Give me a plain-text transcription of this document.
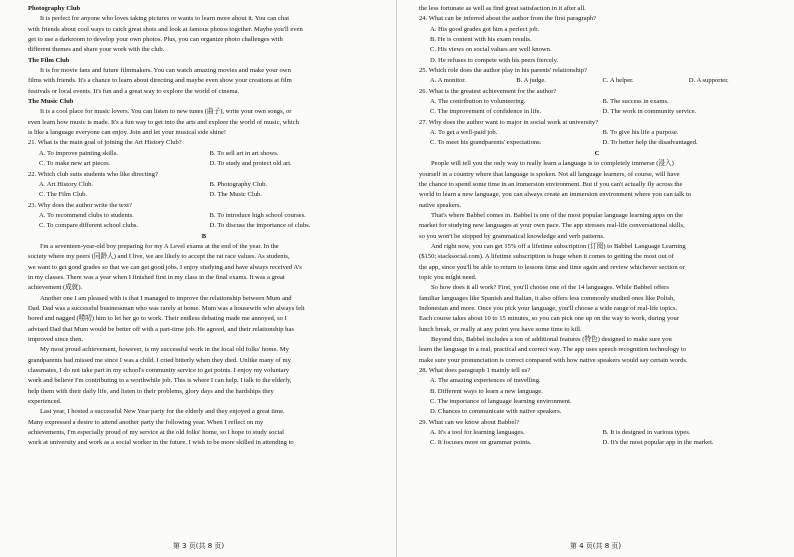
Photography Club
It is perfect for anyone who loves taking pictures or wants to learn more about it. You can chat
with friends about cool ways to catch great shots and look at famous photos together. Maybe you'll even
get to use a darkroom to develop your own photos. Plus, you can organize photo challenges with
different themes and share your work with the club.
The Film Club
It is for movie fans and future filmmakers. You can watch amazing movies and make your own
films with friends. It's a chance to learn about directing and maybe even show your creations at film
festivals or local events. It's fun and a great way to explore the world of cinema.
The Music Club
It is a cool place for music lovers. You can listen to new tunes (曲子), write your own songs, or
even learn how music is made. It's a fun way to get into the arts and explore the world of music, which
is like a language everyone can enjoy. Join and let your musical side shine!
21. What is the main goal of joining the Art History Club?
A. To improve painting skills.	B. To sell art in art shows.
C. To make new art pieces.	D. To study and protect old art.
22. Which club suits students who like directing?
A. Art History Club.	B. Photography Club.
C. The Film Club.	D. The Music Club.
23. Why does the author write the text?
A. To recommend clubs to students.	B. To introduce high school courses.
C. To compare different school clubs.	D. To discuss the importance of clubs.
B
I'm a seventeen-year-old boy preparing for my A Level exams at the end of the year. In the
society where my peers (同龄人) and I live, we are likely to accept the rat race values. As students,
we want to get good grades so that we can get good jobs. I enjoy studying and have always received A's
in my classes. There was a year when I finished first in my class in the final exams. It was a great
achievement (成就).
Another one I am pleased with is that I managed to improve the relationship between Mum and
Dad. Dad was a successful businessman who was rarely at home. Mum was a housewife who always felt
bored and nagged (唠叨) him to let her go to work. Their endless debating made me annoyed, so I
advised Dad that Mum would be better off with a part-time job. He agreed, and their relationship has
improved since then.
My most proud achievement, however, is my successful work in the local old folks' home. My
grandparents had missed me since I was a child. I cried bitterly when they died. Unlike many of my
classmates, I do not take part in my school's community service to get points. I enjoy my voluntary
work and believe I'm contributing to a worthwhile job. This is where I can help. I talk to the elderly,
help them with their daily life, and listen to their problems, glory days and the hardships they
experienced.
Last year, I hosted a successful New Year party for the elderly and they enjoyed a great time.
Many expressed a desire to attend another party the following year. When I reflect on my
achievements, I'm especially proud of my service at the old folks' home, so I hope to study social
work at university and work as a social worker in the future. I wish to be more skilled in attending to
第 3 页(共 8 页)
the less fortunate as well as find great satisfaction in it after all.
24. What can be inferred about the author from the first paragraph?
A. His good grades got him a perfect job.
B. He is content with his exam results.
C. His views on social values are well known.
D. He refuses to compete with his peers fiercely.
25. Which role does the author play in his parents' relationship?
A. A monitor.	B. A judge.	C. A helper.	D. A supporter.
26. What is the greatest achievement for the author?
A. The contribution to volunteering.	B. The success in exams.
C. The improvement of confidence in life.	D. The work in community service.
27. Why does the author want to major in social work at university?
A. To get a well-paid job.	B. To give his life a purpose.
C. To meet his grandparents' expectations.	D. To better help the disadvantaged.
C
People will tell you the only way to really learn a language is to completely immerse (浸入)
yourself in a country where that language is spoken. Not all language learners, of course, will have
the chance to spend some time in an immersion environment. But if you can't actually fly across the
world to learn a new language, you can always create an immersion environment where you can talk to
native speakers.
That's where Babbel comes in. Babbel is one of the most popular language learning apps on the
market for studying new languages at your own pace. The app stresses real-life conversational skills,
so you won't be stopped by grammatical knowledge and verb patterns.
And right now, you can get 15% off a lifetime subscription (订阅) to Babbel Language Learning
($150; stacksocial.com). A lifetime subscription is huge when it comes to getting the most out of
the app, since you'll be able to return to lessons time and time again and review whichever section or
topic you might need.
So how does it all work? First, you'll choose one of the 14 languages. While Babbel offers
familiar languages like Spanish and Italian, it also offers less commonly studied ones like Polish,
Indonesian and more. Once you pick your language, you'll choose a wide range of real-life topics.
Each course takes about 10 to 15 minutes, so you can pick one up on the way to work, during your
lunch break, or really at any point you have some time to kill.
Beyond this, Babbel includes a ton of additional features (特色) designed to make sure you
learn the language in a real, practical and correct way. The app uses speech recognition technology to
make sure your pronunciation is correct compared with how native speakers would say certain words.
28. What does paragraph 1 mainly tell us?
A. The amazing experiences of travelling.
B. Different ways to learn a new language.
C. The importance of language learning environment.
D. Chances to communicate with native speakers.
29. What can we know about Babbel?
A. It's a tool for learning languages.	B. It is designed in various types.
C. It focuses more on grammar points.	D. It's the most popular app in the market.
第 4 页(共 8 页)
